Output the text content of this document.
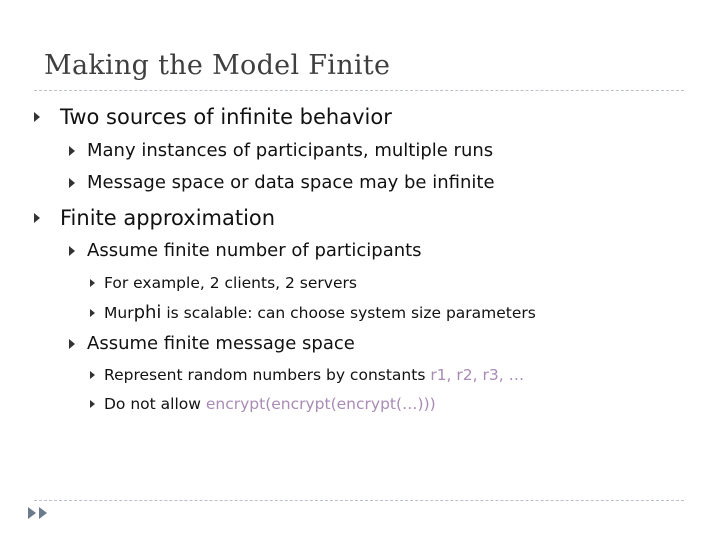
Making the Model Finite
Two sources of infinite behavior
Many instances of participants, multiple runs
Message space or data space may be infinite
Finite approximation
Assume finite number of participants
For example, 2 clients, 2 servers
Murphi is scalable: can choose system size parameters
Assume finite message space
Represent random numbers by constants r1, r2, r3, …
Do not allow encrypt(encrypt(encrypt(…)))
